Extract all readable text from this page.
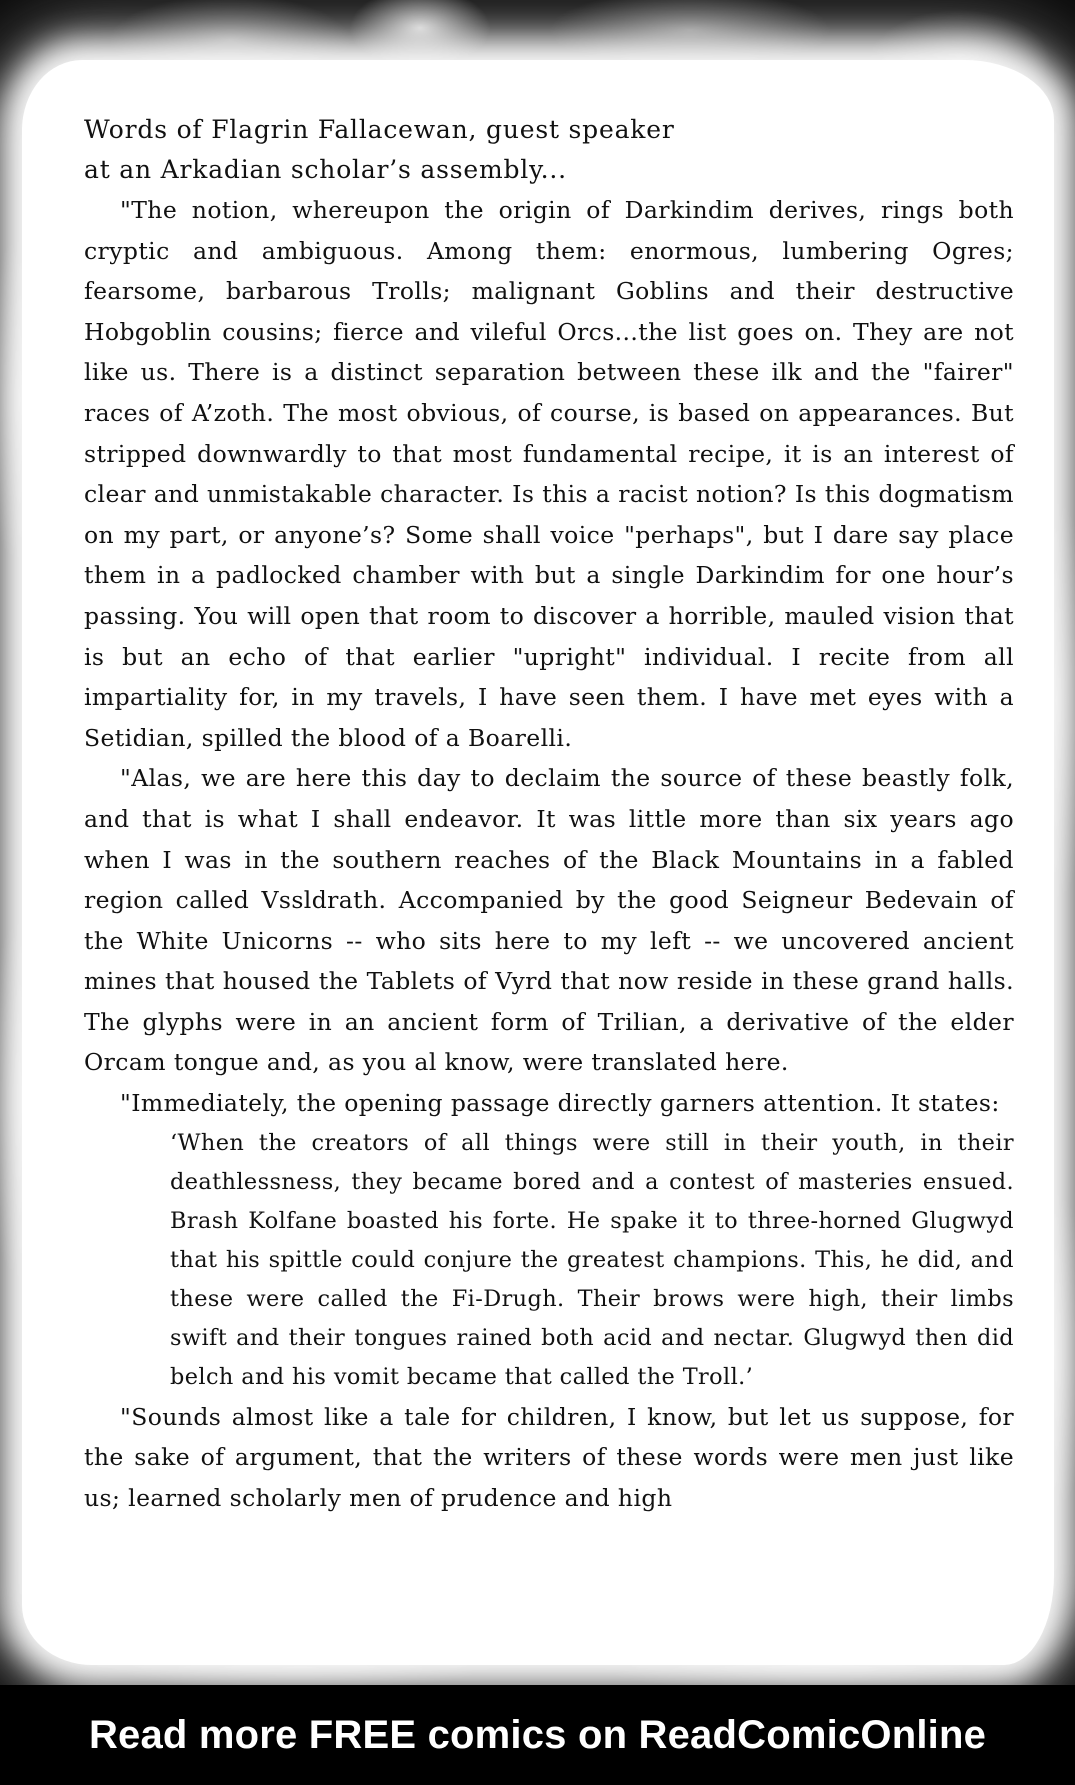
Words of Flagrin Fallacewan, guest speaker
at an Arkadian scholar’s assembly...

"The notion, whereupon the origin of Darkindim derives, rings both cryptic and ambiguous. Among them: enormous, lumbering Ogres; fearsome, barbarous Trolls; malignant Goblins and their destructive Hobgoblin cousins; fierce and vileful Orcs...the list goes on. They are not like us. There is a distinct separation between these ilk and the "fairer" races of A’zoth. The most obvious, of course, is based on appearances. But stripped downwardly to that most fundamental recipe, it is an interest of clear and unmistakable character. Is this a racist notion? Is this dogmatism on my part, or anyone’s? Some shall voice "perhaps", but I dare say place them in a padlocked chamber with but a single Darkindim for one hour’s passing. You will open that room to discover a horrible, mauled vision that is but an echo of that earlier "upright" individual. I recite from all impartiality for, in my travels, I have seen them. I have met eyes with a Setidian, spilled the blood of a Boarelli.

"Alas, we are here this day to declaim the source of these beastly folk, and that is what I shall endeavor. It was little more than six years ago when I was in the southern reaches of the Black Mountains in a fabled region called Vssldrath. Accompanied by the good Seigneur Bedevain of the White Unicorns -- who sits here to my left -- we uncovered ancient mines that housed the Tablets of Vyrd that now reside in these grand halls. The glyphs were in an ancient form of Trilian, a derivative of the elder Orcam tongue and, as you al know, were translated here.

"Immediately, the opening passage directly garners attention. It states:

‘When the creators of all things were still in their youth, in their deathlessness, they became bored and a contest of masteries ensued. Brash Kolfane boasted his forte. He spake it to three-horned Glugwyd that his spittle could conjure the greatest champions. This, he did, and these were called the Fi-Drugh. Their brows were high, their limbs swift and their tongues rained both acid and nectar. Glugwyd then did belch and his vomit became that called the Troll.’

"Sounds almost like a tale for children, I know, but let us suppose, for the sake of argument, that the writers of these words were men just like us; learned scholarly men of prudence and high

Read more FREE comics on ReadComicOnline
